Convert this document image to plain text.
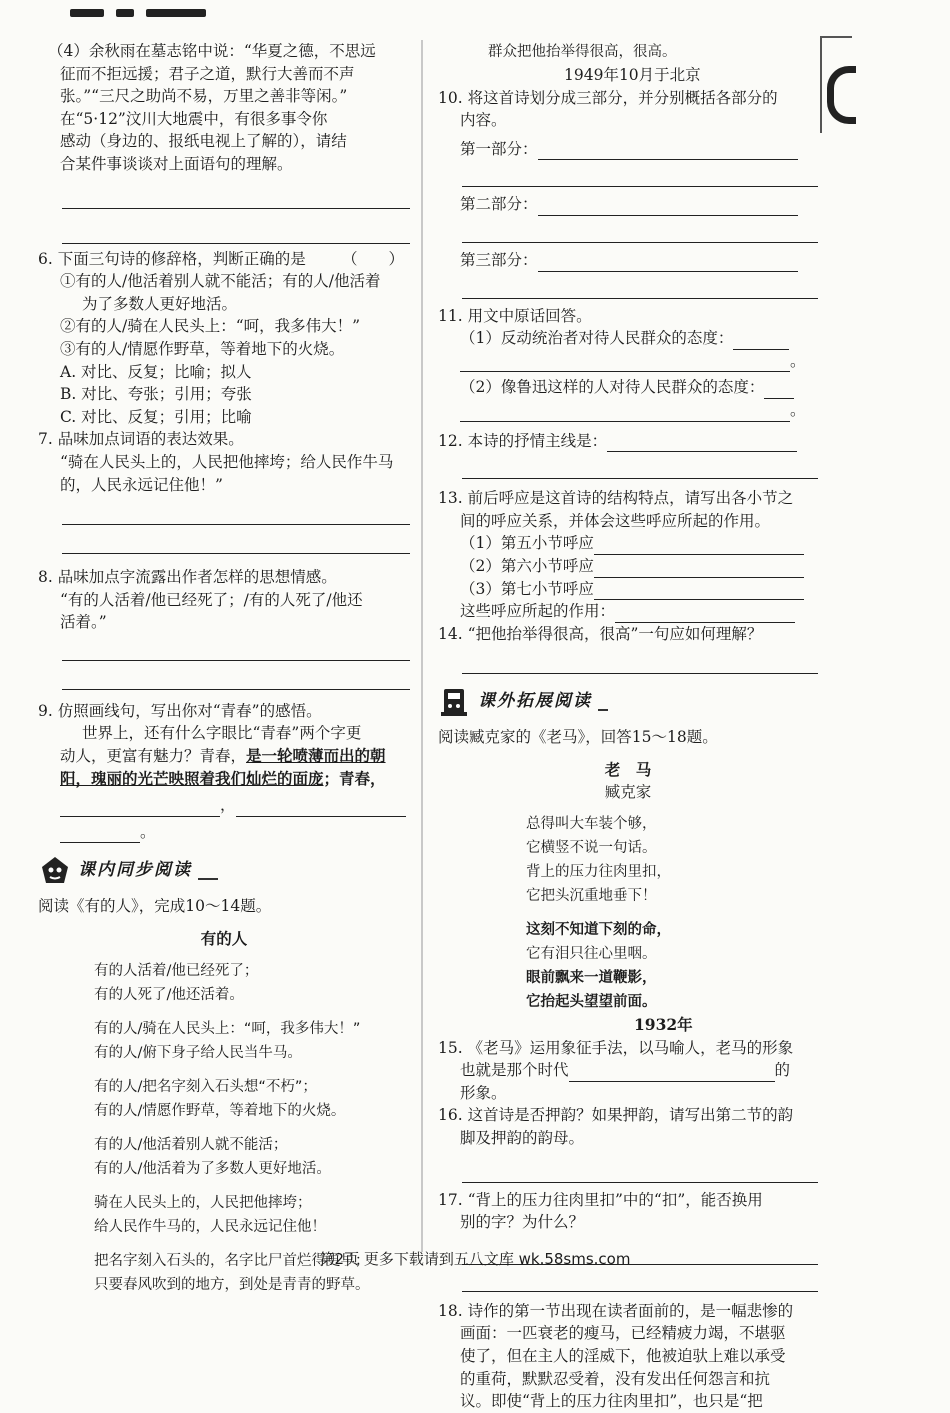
（4）余秋雨在墓志铭中说：“华夏之德，不思远

征而不拒远援；君子之道，默行大善而不声

张。”“三尺之助尚不易，万里之善非等闲。”

在“5·12”汶川大地震中，有很多事令你

感动（身边的、报纸电视上了解的），请结

合某件事谈谈对上面语句的理解。

6. 下面三句诗的修辞格，判断正确的是 （　　）

①有的人/他活着别人就不能活；有的人/他活着

为了多数人更好地活。

②有的人/骑在人民头上：“呵，我多伟大！”

③有的人/情愿作野草，等着地下的火烧。

A. 对比、反复；比喻；拟人

B. 对比、夸张；引用；夸张

C. 对比、反复；引用；比喻

7. 品味加点词语的表达效果。

“骑在人民头上的，人民把他摔垮；给人民作牛马

的，人民永远记住他！”

8. 品味加点字流露出作者怎样的思想情感。

“有的人活着/他已经死了；/有的人死了/他还

活着。”

9. 仿照画线句，写出你对“青春”的感悟。

世界上，还有什么字眼比“青春”两个字更

动人，更富有魅力？青春，是一轮喷薄而出的朝

阳，瑰丽的光芒映照着我们灿烂的面庞；青春，

，

。

课内同步阅读

阅读《有的人》，完成10～14题。

有的人

有的人活着/他已经死了；

有的人死了/他还活着。

有的人/骑在人民头上：“呵，我多伟大！”

有的人/俯下身子给人民当牛马。

有的人/把名字刻入石头想“不朽”；

有的人/情愿作野草，等着地下的火烧。

有的人/他活着别人就不能活；

有的人/他活着为了多数人更好地活。

骑在人民头上的，人民把他摔垮；

给人民作牛马的，人民永远记住他！

把名字刻入石头的，名字比尸首烂得更早；

只要春风吹到的地方，到处是青青的野草。

群众把他抬举得很高，很高。

1949年10月于北京

10. 将这首诗划分成三部分，并分别概括各部分的

内容。

第一部分：

第二部分：

第三部分：

11. 用文中原话回答。

（1）反动统治者对待人民群众的态度：

。

（2）像鲁迅这样的人对待人民群众的态度：

。

12. 本诗的抒情主线是：

13. 前后呼应是这首诗的结构特点，请写出各小节之

间的呼应关系，并体会这些呼应所起的作用。

（1）第五小节呼应

（2）第六小节呼应

（3）第七小节呼应

这些呼应所起的作用：

14. “把他抬举得很高，很高”一句应如何理解？

课外拓展阅读

阅读臧克家的《老马》，回答15～18题。

老　马

臧克家

总得叫大车装个够，

它横竖不说一句话。

背上的压力往肉里扣，

它把头沉重地垂下！

这刻不知道下刻的命，

它有泪只往心里咽。

眼前飘来一道鞭影，

它抬起头望望前面。

1932年

15. 《老马》运用象征手法，以马喻人，老马的形象

也就是那个时代	的

形象。

16. 这首诗是否押韵？如果押韵，请写出第二节的韵

脚及押韵的韵母。

17. “背上的压力往肉里扣”中的“扣”，能否换用

别的字？为什么？

18. 诗作的第一节出现在读者面前的，是一幅悲惨的

画面：一匹衰老的瘦马，已经精疲力竭，不堪驱

使了，但在主人的淫威下，他被迫驮上难以承受

的重荷，默默忍受着，没有发出任何怨言和抗

议。即使“背上的压力往肉里扣”，也只是“把

第2页 更多下载请到五八文库 wk.58sms.com
